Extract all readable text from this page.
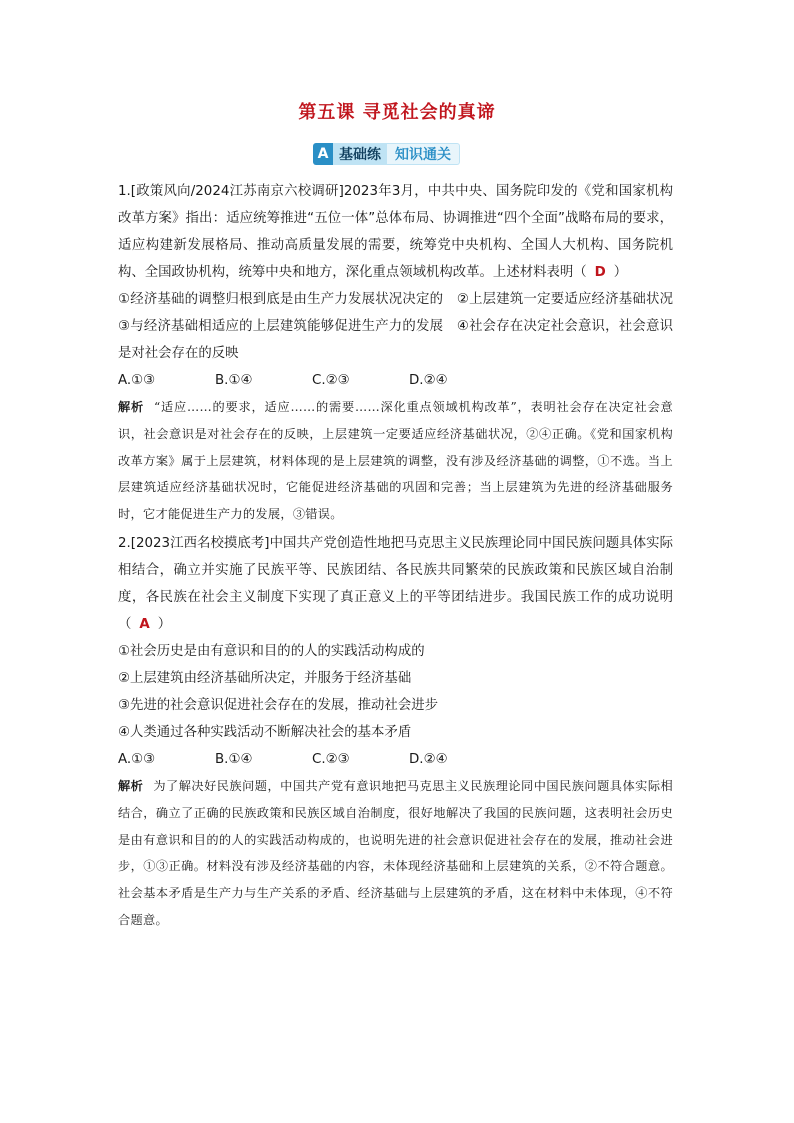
第五课 寻觅社会的真谛
A 基础练	知识通关

1.[政策风向/2024江苏南京六校调研]2023年3月，中共中央、国务院印发的《党和国家机构改革方案》指出：适应统筹推进“五位一体”总体布局、协调推进“四个全面”战略布局的要求，适应构建新发展格局、推动高质量发展的需要，统筹党中央机构、全国人大机构、国务院机构、全国政协机构，统筹中央和地方，深化重点领域机构改革。上述材料表明（ D ）

①经济基础的调整归根到底是由生产力发展状况决定的　②上层建筑一定要适应经济基础状况　③与经济基础相适应的上层建筑能够促进生产力的发展　④社会存在决定社会意识，社会意识是对社会存在的反映

A.①③	B.①④	C.②③	D.②④

解析 “适应……的要求，适应……的需要……深化重点领域机构改革”，表明社会存在决定社会意识，社会意识是对社会存在的反映，上层建筑一定要适应经济基础状况，②④正确。《党和国家机构改革方案》属于上层建筑，材料体现的是上层建筑的调整，没有涉及经济基础的调整，①不选。当上层建筑适应经济基础状况时，它能促进经济基础的巩固和完善；当上层建筑为先进的经济基础服务时，它才能促进生产力的发展，③错误。

2.[2023江西名校摸底考]中国共产党创造性地把马克思主义民族理论同中国民族问题具体实际相结合，确立并实施了民族平等、民族团结、各民族共同繁荣的民族政策和民族区域自治制度，各民族在社会主义制度下实现了真正意义上的平等团结进步。我国民族工作的成功说明（ A ）

①社会历史是由有意识和目的的人的实践活动构成的

②上层建筑由经济基础所决定，并服务于经济基础

③先进的社会意识促进社会存在的发展，推动社会进步

④人类通过各种实践活动不断解决社会的基本矛盾

A.①③	B.①④	C.②③	D.②④

解析 为了解决好民族问题，中国共产党有意识地把马克思主义民族理论同中国民族问题具体实际相结合，确立了正确的民族政策和民族区域自治制度，很好地解决了我国的民族问题，这表明社会历史是由有意识和目的的人的实践活动构成的，也说明先进的社会意识促进社会存在的发展，推动社会进步，①③正确。材料没有涉及经济基础的内容，未体现经济基础和上层建筑的关系，②不符合题意。社会基本矛盾是生产力与生产关系的矛盾、经济基础与上层建筑的矛盾，这在材料中未体现，④不符合题意。
